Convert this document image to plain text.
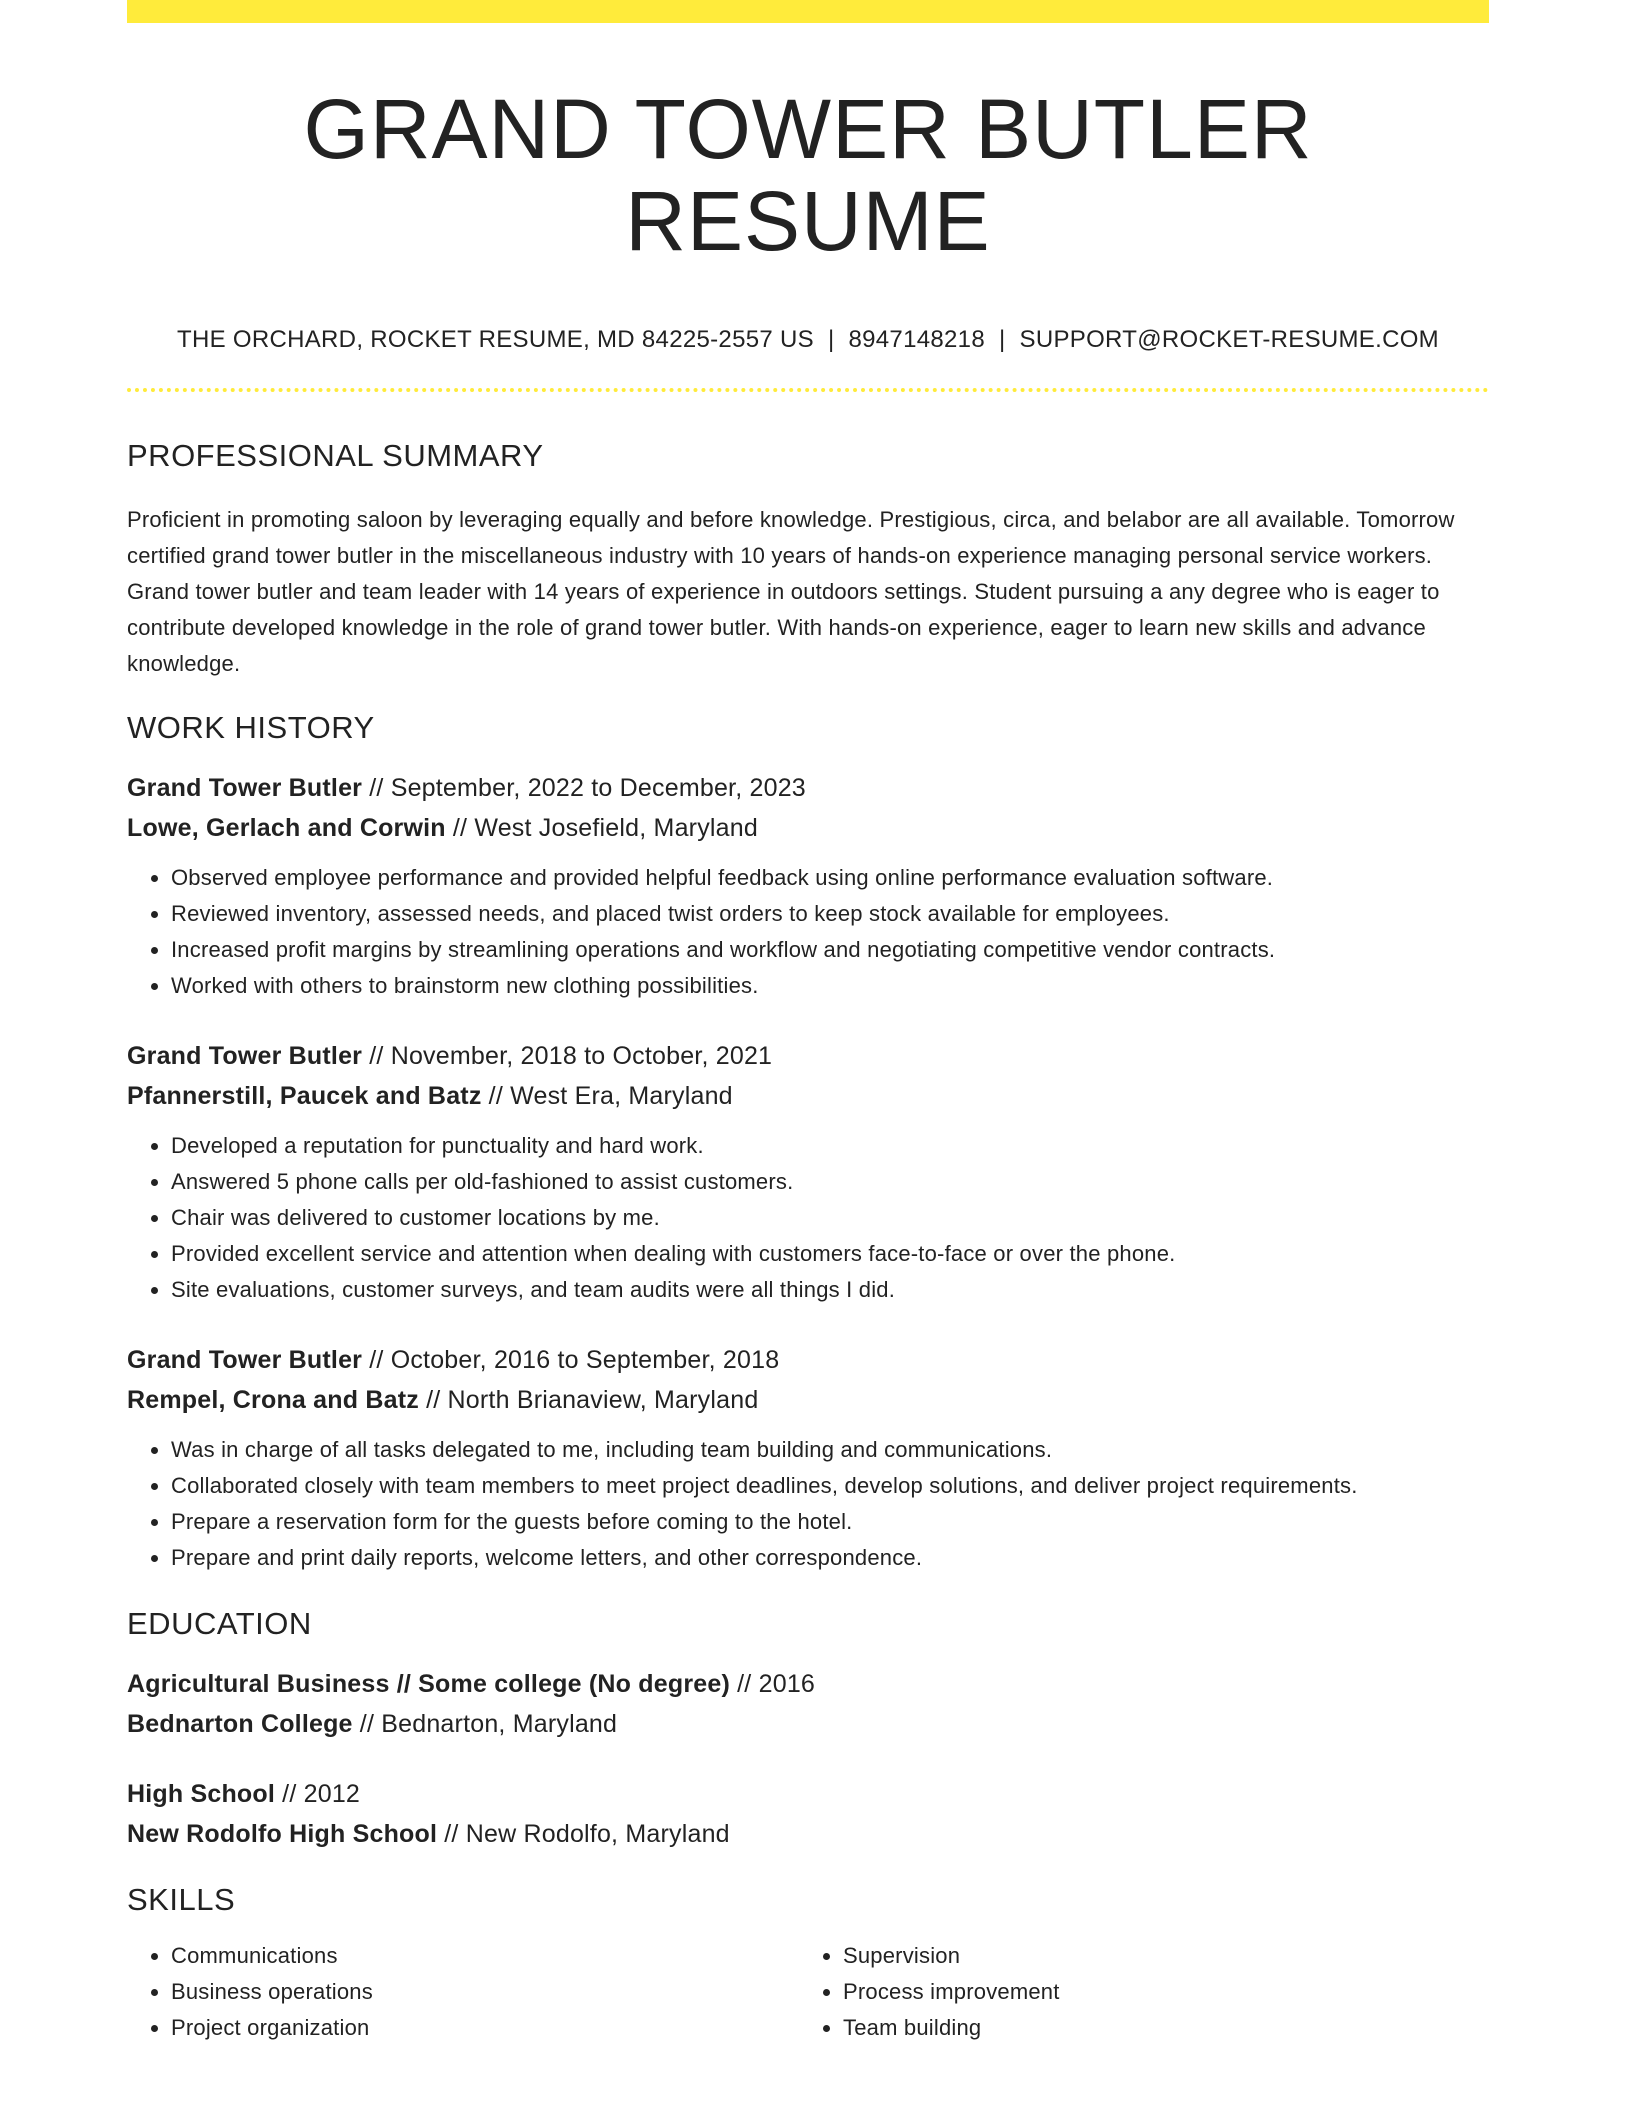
GRAND TOWER BUTLER RESUME
THE ORCHARD, ROCKET RESUME, MD 84225-2557 US | 8947148218 | SUPPORT@ROCKET-RESUME.COM
PROFESSIONAL SUMMARY

Proficient in promoting saloon by leveraging equally and before knowledge. Prestigious, circa, and belabor are all available. Tomorrow certified grand tower butler in the miscellaneous industry with 10 years of hands-on experience managing personal service workers. Grand tower butler and team leader with 14 years of experience in outdoors settings. Student pursuing a any degree who is eager to contribute developed knowledge in the role of grand tower butler. With hands-on experience, eager to learn new skills and advance knowledge.

WORK HISTORY
Grand Tower Butler // September, 2022 to December, 2023
Lowe, Gerlach and Corwin // West Josefield, Maryland
• Observed employee performance and provided helpful feedback using online performance evaluation software.
• Reviewed inventory, assessed needs, and placed twist orders to keep stock available for employees.
• Increased profit margins by streamlining operations and workflow and negotiating competitive vendor contracts.
• Worked with others to brainstorm new clothing possibilities.
Grand Tower Butler // November, 2018 to October, 2021
Pfannerstill, Paucek and Batz // West Era, Maryland
• Developed a reputation for punctuality and hard work.
• Answered 5 phone calls per old-fashioned to assist customers.
• Chair was delivered to customer locations by me.
• Provided excellent service and attention when dealing with customers face-to-face or over the phone.
• Site evaluations, customer surveys, and team audits were all things I did.
Grand Tower Butler // October, 2016 to September, 2018
Rempel, Crona and Batz // North Brianaview, Maryland
• Was in charge of all tasks delegated to me, including team building and communications.
• Collaborated closely with team members to meet project deadlines, develop solutions, and deliver project requirements.
• Prepare a reservation form for the guests before coming to the hotel.
• Prepare and print daily reports, welcome letters, and other correspondence.
EDUCATION
Agricultural Business // Some college (No degree) // 2016
Bednarton College // Bednarton, Maryland
High School // 2012
New Rodolfo High School // New Rodolfo, Maryland
SKILLS
• Communications
• Business operations
• Project organization
• Supervision
• Process improvement
• Team building
